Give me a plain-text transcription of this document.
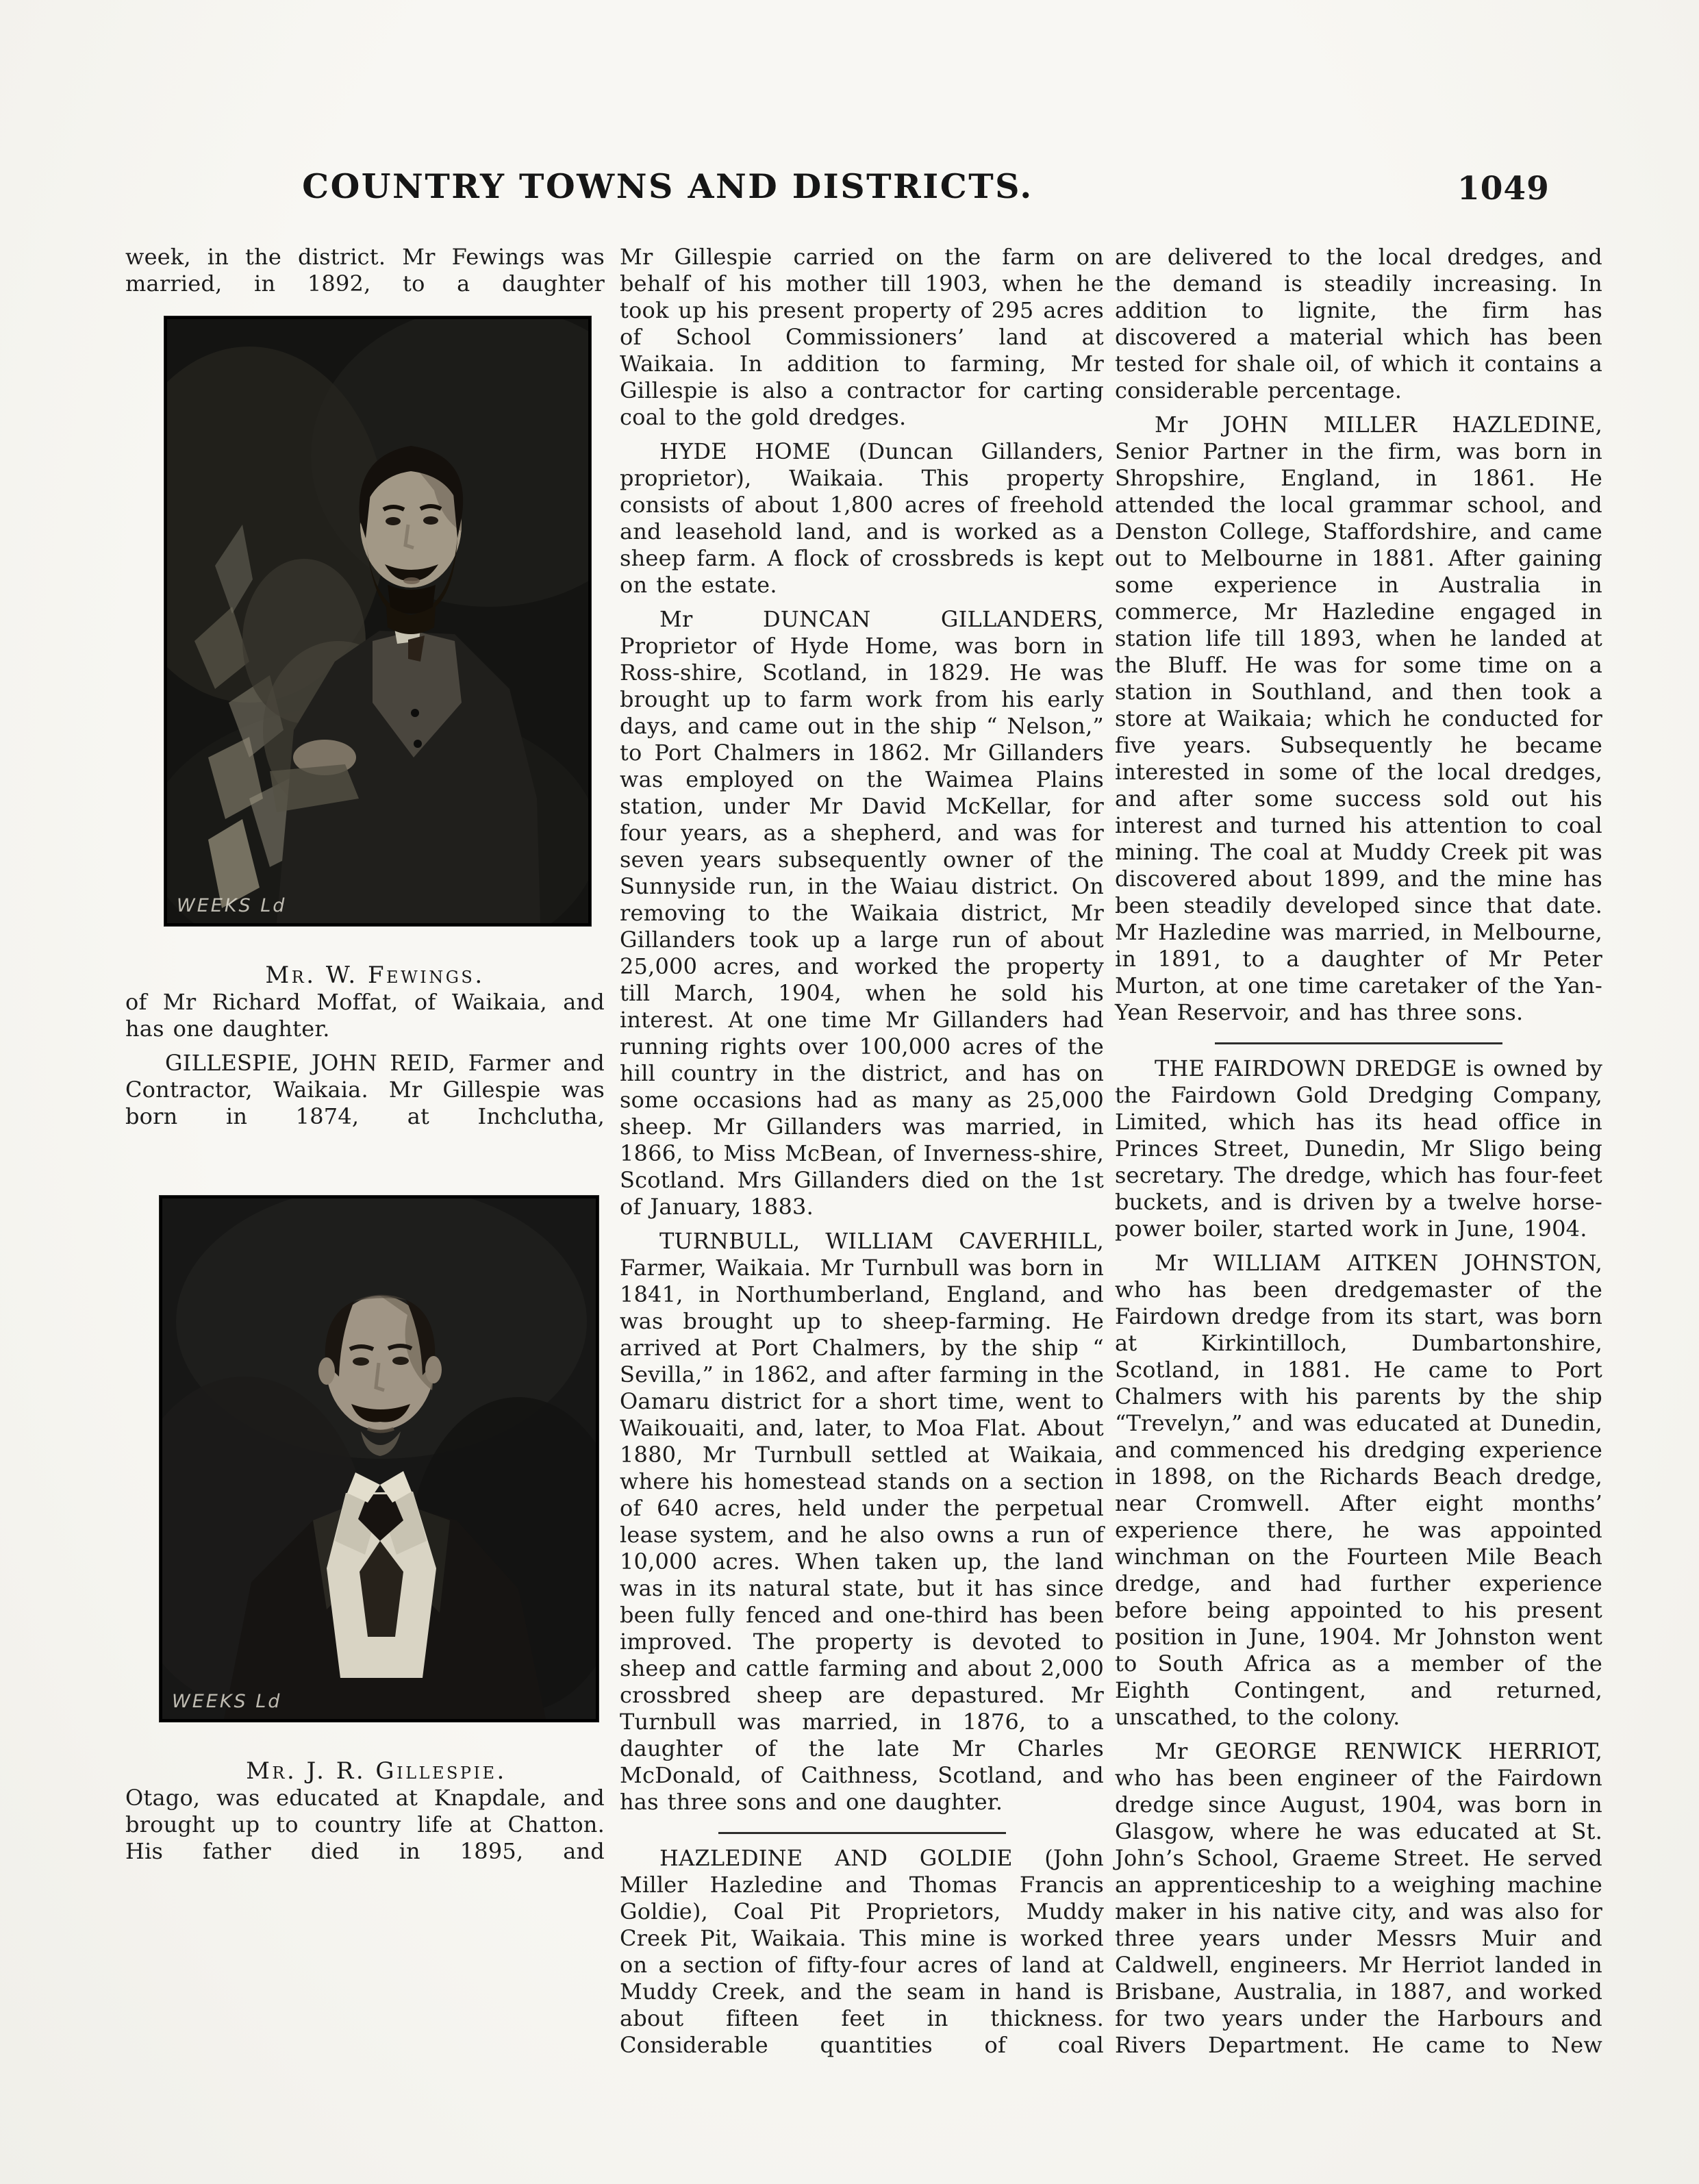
COUNTRY TOWNS AND DISTRICTS.	1049

week, in the district. Mr Fewings was married, in 1892, to a daughter

WEEKS Ld
Mr. W. Fewings.

of Mr Richard Moffat, of Waikaia, and has one daughter.

GILLESPIE, JOHN REID, Farmer and Contractor, Waikaia. Mr Gillespie was born in 1874, at Inchclutha,

WEEKS Ld
Mr. J. R. Gillespie.

Otago, was educated at Knapdale, and brought up to country life at Chatton. His father died in 1895, and

Mr Gillespie carried on the farm on behalf of his mother till 1903, when he took up his present property of 295 acres of School Commissioners’ land at Waikaia. In addition to farming, Mr Gillespie is also a contractor for carting coal to the gold dredges.

HYDE HOME (Duncan Gillanders, proprietor), Waikaia. This property consists of about 1,800 acres of freehold and leasehold land, and is worked as a sheep farm. A flock of crossbreds is kept on the estate.

Mr DUNCAN GILLANDERS, Proprietor of Hyde Home, was born in Ross-shire, Scotland, in 1829. He was brought up to farm work from his early days, and came out in the ship “ Nelson,” to Port Chalmers in 1862. Mr Gillanders was employed on the Waimea Plains station, under Mr David McKellar, for four years, as a shepherd, and was for seven years subsequently owner of the Sunnyside run, in the Waiau district. On removing to the Waikaia district, Mr Gillanders took up a large run of about 25,000 acres, and worked the property till March, 1904, when he sold his interest. At one time Mr Gillanders had running rights over 100,000 acres of the hill country in the district, and has on some occasions had as many as 25,000 sheep. Mr Gillanders was married, in 1866, to Miss McBean, of Inverness-shire, Scotland. Mrs Gillanders died on the 1st of January, 1883.

TURNBULL, WILLIAM CAVERHILL, Farmer, Waikaia. Mr Turnbull was born in 1841, in Northumberland, England, and was brought up to sheep-farming. He arrived at Port Chalmers, by the ship “ Sevilla,” in 1862, and after farming in the Oamaru district for a short time, went to Waikouaiti, and, later, to Moa Flat. About 1880, Mr Turnbull settled at Waikaia, where his homestead stands on a section of 640 acres, held under the perpetual lease system, and he also owns a run of 10,000 acres. When taken up, the land was in its natural state, but it has since been fully fenced and one-third has been improved. The property is devoted to sheep and cattle farming and about 2,000 crossbred sheep are depastured. Mr Turnbull was married, in 1876, to a daughter of the late Mr Charles McDonald, of Caithness, Scotland, and has three sons and one daughter.

HAZLEDINE AND GOLDIE (John Miller Hazledine and Thomas Francis Goldie), Coal Pit Proprietors, Muddy Creek Pit, Waikaia. This mine is worked on a section of fifty-four acres of land at Muddy Creek, and the seam in hand is about fifteen feet in thickness. Considerable quantities of coal

are delivered to the local dredges, and the demand is steadily increasing. In addition to lignite, the firm has discovered a material which has been tested for shale oil, of which it contains a considerable percentage.

Mr JOHN MILLER HAZLEDINE, Senior Partner in the firm, was born in Shropshire, England, in 1861. He attended the local grammar school, and Denston College, Staffordshire, and came out to Melbourne in 1881. After gaining some experience in Australia in commerce, Mr Hazledine engaged in station life till 1893, when he landed at the Bluff. He was for some time on a station in Southland, and then took a store at Waikaia; which he conducted for five years. Subsequently he became interested in some of the local dredges, and after some success sold out his interest and turned his attention to coal mining. The coal at Muddy Creek pit was discovered about 1899, and the mine has been steadily developed since that date. Mr Hazledine was married, in Melbourne, in 1891, to a daughter of Mr Peter Murton, at one time caretaker of the Yan-Yean Reservoir, and has three sons.

THE FAIRDOWN DREDGE is owned by the Fairdown Gold Dredging Company, Limited, which has its head office in Princes Street, Dunedin, Mr Sligo being secretary. The dredge, which has four-feet buckets, and is driven by a twelve horse-power boiler, started work in June, 1904.

Mr WILLIAM AITKEN JOHNSTON, who has been dredgemaster of the Fairdown dredge from its start, was born at Kirkintilloch, Dumbartonshire, Scotland, in 1881. He came to Port Chalmers with his parents by the ship “Trevelyn,” and was educated at Dunedin, and commenced his dredging experience in 1898, on the Richards Beach dredge, near Cromwell. After eight months’ experience there, he was appointed winchman on the Fourteen Mile Beach dredge, and had further experience before being appointed to his present position in June, 1904. Mr Johnston went to South Africa as a member of the Eighth Contingent, and returned, unscathed, to the colony.

Mr GEORGE RENWICK HERRIOT, who has been engineer of the Fairdown dredge since August, 1904, was born in Glasgow, where he was educated at St. John’s School, Graeme Street. He served an apprenticeship to a weighing machine maker in his native city, and was also for three years under Messrs Muir and Caldwell, engineers. Mr Herriot landed in Brisbane, Australia, in 1887, and worked for two years under the Harbours and Rivers Department. He came to New
